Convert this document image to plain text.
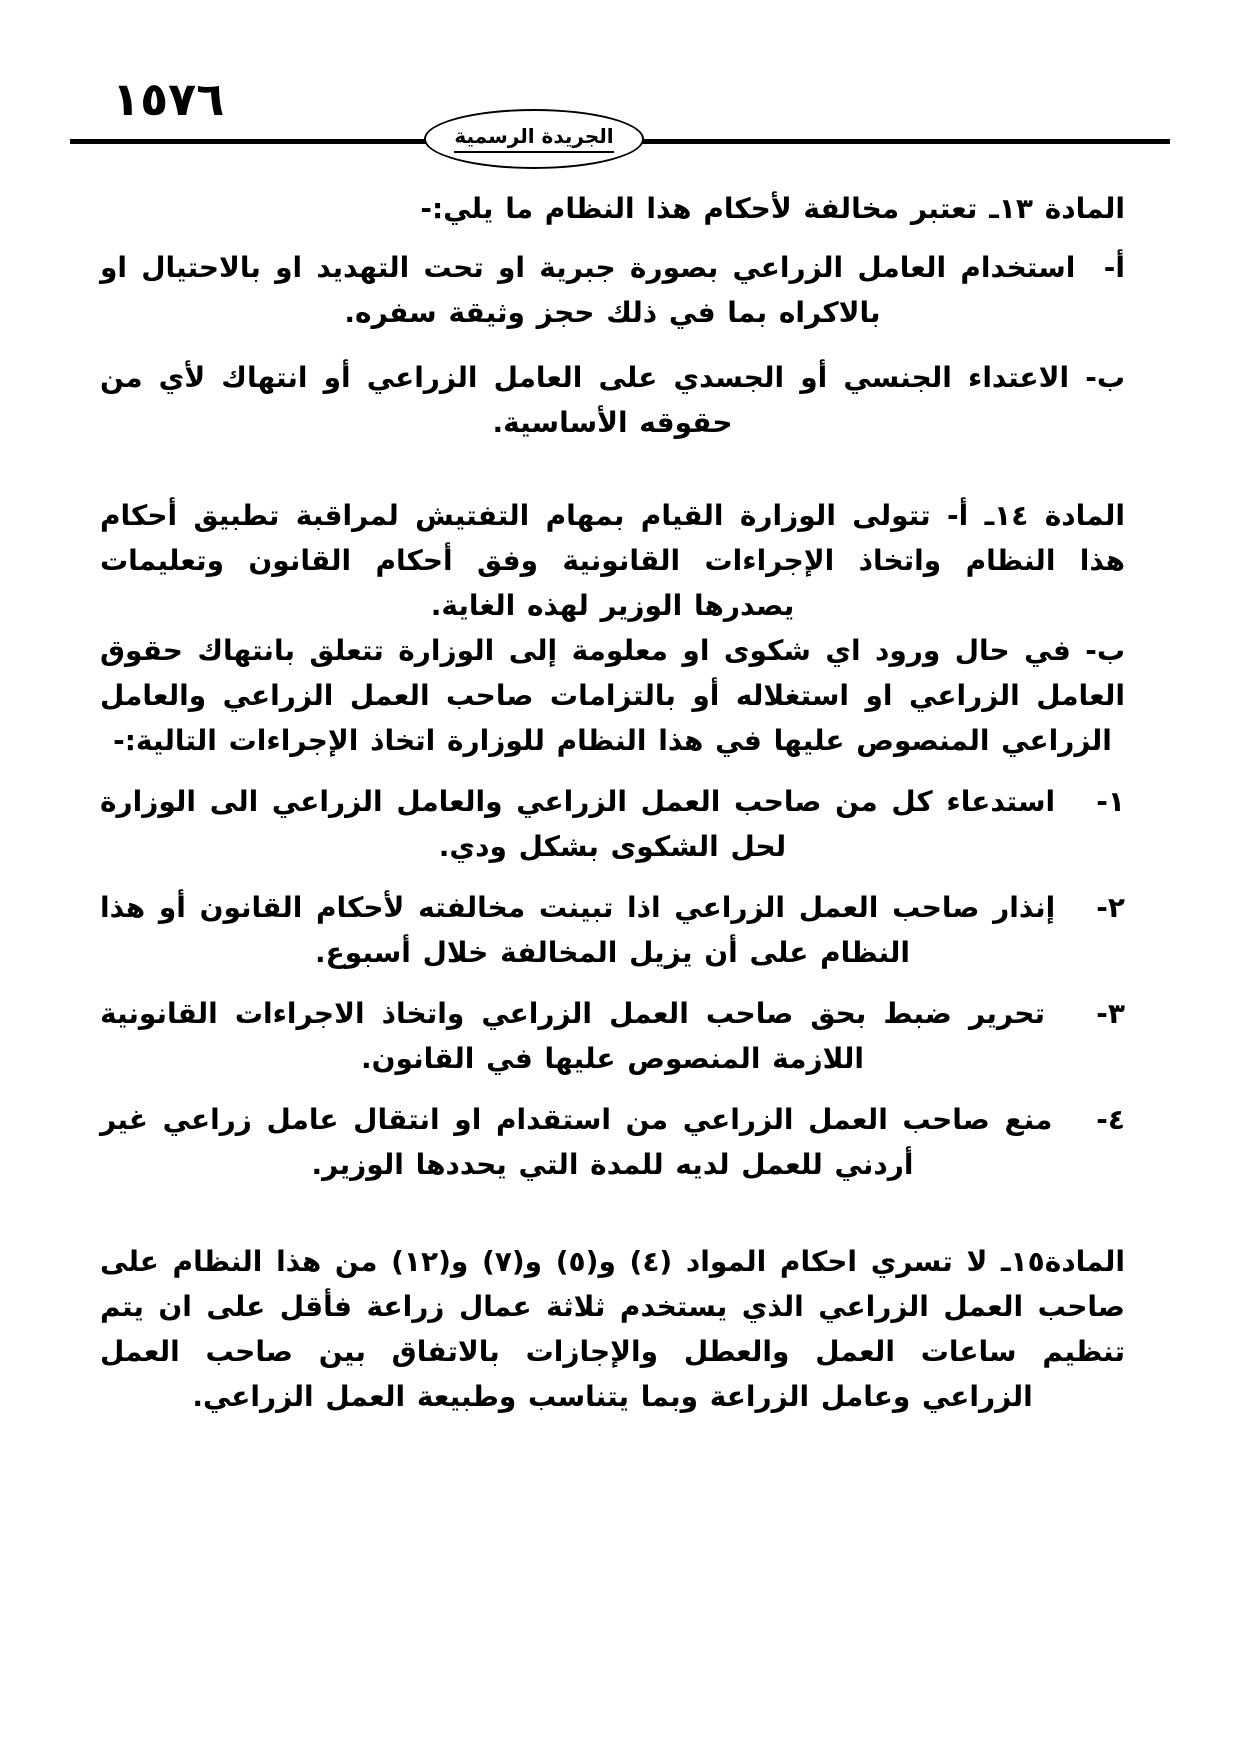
١٥٧٦
الجريدة الرسمية

المادة ١٣ـ تعتبر مخالفة لأحكام هذا النظام ما يلي:-

أ-  استخدام العامل الزراعي بصورة جبرية او تحت التهديد او بالاحتيال او بالاكراه بما في ذلك حجز وثيقة سفره.

ب- الاعتداء الجنسي أو الجسدي على العامل الزراعي أو انتهاك لأي من حقوقه الأساسية.

المادة ١٤ـ أ- تتولى الوزارة القيام بمهام التفتيش لمراقبة تطبيق أحكام هذا النظام واتخاذ الإجراءات القانونية وفق أحكام القانون وتعليمات يصدرها الوزير لهذه الغاية.

ب- في حال ورود اي شكوى او معلومة إلى الوزارة تتعلق بانتهاك حقوق العامل الزراعي او استغلاله أو بالتزامات صاحب العمل الزراعي والعامل الزراعي المنصوص عليها في هذا النظام للوزارة اتخاذ الإجراءات التالية:-

١-   استدعاء كل من صاحب العمل الزراعي والعامل الزراعي الى الوزارة لحل الشكوى بشكل ودي.

٢-   إنذار صاحب العمل الزراعي اذا تبينت مخالفته لأحكام القانون أو هذا النظام على أن يزيل المخالفة خلال أسبوع.

٣-   تحرير ضبط بحق صاحب العمل الزراعي واتخاذ الاجراءات القانونية اللازمة المنصوص عليها في القانون.

٤-   منع صاحب العمل الزراعي من استقدام او انتقال عامل زراعي غير أردني للعمل لديه للمدة التي يحددها الوزير.

المادة١٥ـ لا تسري احكام المواد (٤) و(٥) و(٧) و(١٢) من هذا النظام على صاحب العمل الزراعي الذي يستخدم ثلاثة عمال زراعة فأقل على ان يتم تنظيم ساعات العمل والعطل والإجازات بالاتفاق بين صاحب العمل الزراعي وعامل الزراعة وبما يتناسب وطبيعة العمل الزراعي.
